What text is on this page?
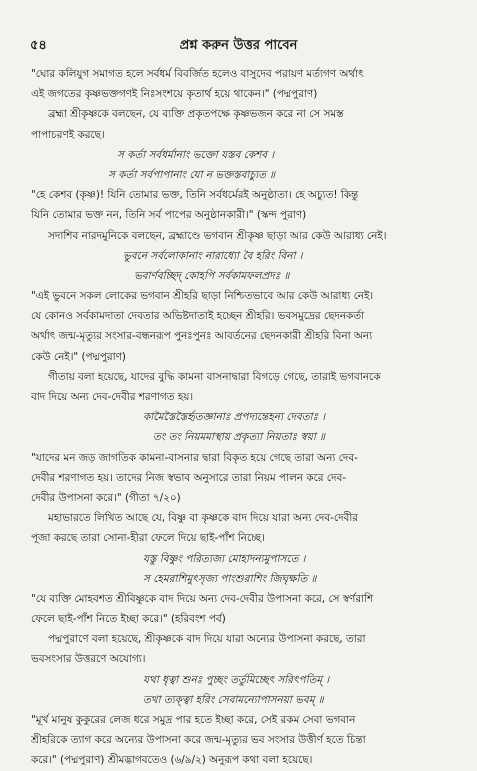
৫৪	প্রশ্ন করুন উত্তর পাবেন
"ঘোর কলিযুগ সমাগত হলে সর্বধর্ম বিবর্জিত হলেও বাসুদেব পরায়ণ মর্ত্যগণ অর্থাৎ
এই জগতের কৃষ্ণভক্তগণই নিঃসংশয়ে কৃতার্থ হয়ে থাকেন।" (পদ্মপুরাণ)
ব্রহ্মা শ্রীকৃষ্ণকে বলছেন, যে ব্যক্তি প্রকৃতপক্ষে কৃষ্ণভজন করে না সে সমস্ত
পাপাচরণই করছে।
স কর্তা সর্বধর্মানাং ভক্তো যস্তব কেশব ।
স কর্তা সর্বপাপানাং যো ন ভক্তস্তবাচ্যুত ॥
"হে কেশব (কৃষ্ণ)! যিনি তোমার ভক্ত, তিনি সর্বধর্মেরই অনুষ্ঠাতা। হে অচ্যুত! কিন্তু
যিনি তোমার ভক্ত নন, তিনি সর্ব পাপের অনুষ্ঠানকারী।" (স্কন্দ পুরাণ)
সদাশিব নারদমুনিকে বলছেন, ব্রহ্মাণ্ডে ভগবান শ্রীকৃষ্ণ ছাড়া আর কেউ আরাধ্য নেই।
ভুবনে সর্বলোকানাং নারাধ্যো বৈ হরিং বিনা ।
ভবার্ণবচ্ছিদ্ কোহপি সর্বকামফলপ্রদঃ ॥
"এই ভুবনে সকল লোকের ভগবান শ্রীহরি ছাড়া নিশ্চিতভাবে আর কেউ আরাধ্য নেই।
যে কোনও সর্বকামদাতা দেবতার অভিষ্টদাতাই হচ্ছেন শ্রীহরি। ভবসমুদ্রের ছেদনকর্তা
অর্থাৎ জন্ম-মৃত্যুর সংসার-বন্ধনরূপ পুনঃপুনঃ আবর্তনের ছেদনকারী শ্রীহরি বিনা অন্য
কেউ নেই।" (পদ্মপুরাণ)
গীতায় বলা হয়েছে, যাদের বুদ্ধি কামনা বাসনাদ্বারা বিগড়ে গেছে, তারাই ভগবানকে
বাদ দিয়ে অন্য দেব-দেবীর শরণাগত হয়।
কামৈস্তৈস্তৈর্হৃতজ্ঞানাঃ প্রপদ্যন্তেহন্য দেবতাঃ ।
তং তং নিয়মমাস্থায় প্রকৃত্যা নিয়তাঃ স্বয়া ॥
"যাদের মন জড় জাগতিক কামনা-বাসনার দ্বারা বিকৃত হয়ে গেছে তারা অন্য দেব-
দেবীর শরণাগত হয়। তাদের নিজ স্বভাব অনুসারে তারা নিয়ম পালন করে দেব-
দেবীর উপাসনা করে।" (গীতা ৭/২০)
মহাভারতে লিখিত আছে যে, বিষ্ণু বা কৃষ্ণকে বাদ দিয়ে যারা অন্য দেব-দেবীর
পূজা করছে তারা সোনা-হীরা ফেলে দিয়ে ছাই-পাঁশ নিচ্ছে।
যস্তু বিষ্ণুং পরিত্যজ্য মোহাদন্যমুপাসতে ।
স হেমরাশিমুৎসৃজ্য পাংশুরাশিং জিঘৃক্ষতি ॥
"যে ব্যক্তি মোহবশত শ্রীবিষ্ণুকে বাদ দিয়ে অন্য দেব-দেবীর উপাসনা করে, সে স্বর্ণরাশি
ফেলে ছাই-পাঁশ নিতে ইচ্ছা করে।" (হরিবংশ পর্ব)
পদ্মপুরাণে বলা হয়েছে, শ্রীকৃষ্ণকে বাদ দিয়ে যারা অন্যের উপাসনা করছে, তারা
ভবসংসার উত্তরণে অযোগ্য।
যথা ধৃত্বা শুনঃ পুচ্ছং তর্তুমিচ্ছেৎ সরিৎপতিম্ ।
তথা ত্যক্ত্বা হরিং সেবামন্যোপাসনয়া ভবম্ ॥
"মূর্খ মানুষ কুকুরের লেজ ধরে সমুদ্র পার হতে ইচ্ছা করে, সেই রকম সেবা ভগবান
শ্রীহরিকে ত্যাগ করে অন্যের উপাসনা করে জন্ম-মৃত্যুর ভব সংসার উত্তীর্ণ হতে চিন্তা
করে।" (পদ্মপুরাণ) শ্রীমদ্ভাগবতেও (৬/৯/২) অনুরূপ কথা বলা হয়েছে।
